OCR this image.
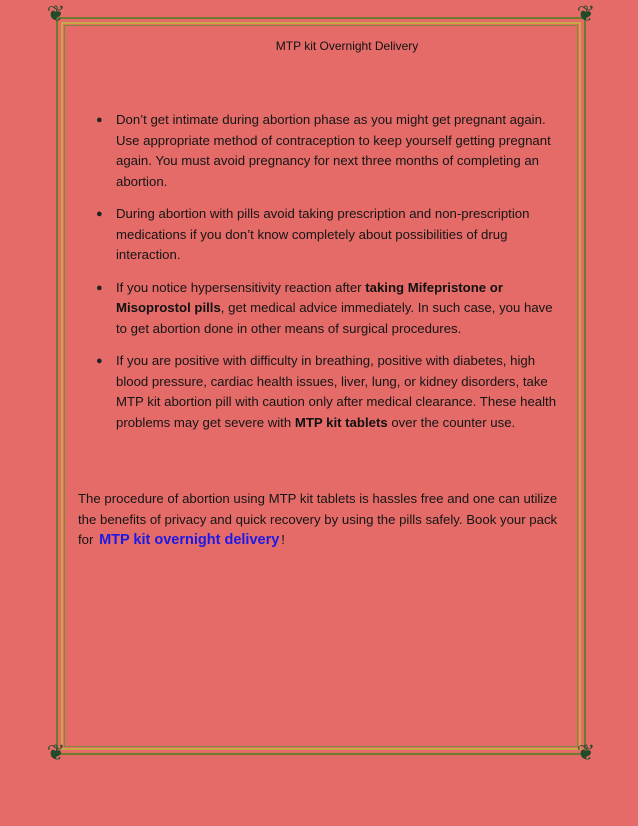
❦	❦
❦	❦
MTP kit Overnight Delivery
● Don’t get intimate during abortion phase as you might get pregnant again. Use appropriate method of contraception to keep yourself getting pregnant again. You must avoid pregnancy for next three months of completing an abortion.
● During abortion with pills avoid taking prescription and non-prescription medications if you don’t know completely about possibilities of drug interaction.
● If you notice hypersensitivity reaction after taking Mifepristone or Misoprostol pills, get medical advice immediately. In such case, you have to get abortion done in other means of surgical procedures.
● If you are positive with difficulty in breathing, positive with diabetes, high blood pressure, cardiac health issues, liver, lung, or kidney disorders, take MTP kit abortion pill with caution only after medical clearance. These health problems may get severe with MTP kit tablets over the counter use.
The procedure of abortion using MTP kit tablets is hassles free and one can utilize the benefits of privacy and quick recovery by using the pills safely. Book your pack for MTP kit overnight delivery !
